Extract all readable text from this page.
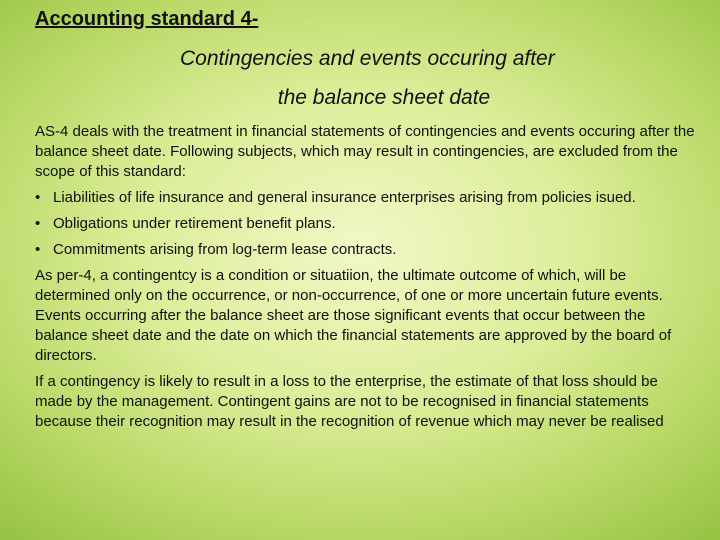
Accounting standard 4-
Contingencies and events occuring after
the balance sheet date

AS-4 deals with the treatment in financial statements of contingencies and events occuring after the balance sheet date. Following subjects, which may result in contingencies, are excluded from the scope of this standard:

• Liabilities of life insurance and general insurance enterprises arising from policies isued.

• Obligations under retirement benefit plans.

• Commitments arising from log-term lease contracts.

As per-4, a contingentcy is a condition or situatiion, the ultimate outcome of which, will be determined only on the occurrence, or non-occurrence, of one or more uncertain future events. Events occurring after the balance sheet are those significant events that occur between the balance sheet date and the date on which the financial statements are approved by the board of directors.

If a contingency is likely to result in a loss to the enterprise, the estimate of that loss should be made by the management. Contingent gains are not to be recognised in financial statements because their recognition may result in the recognition of revenue which may never be realised
